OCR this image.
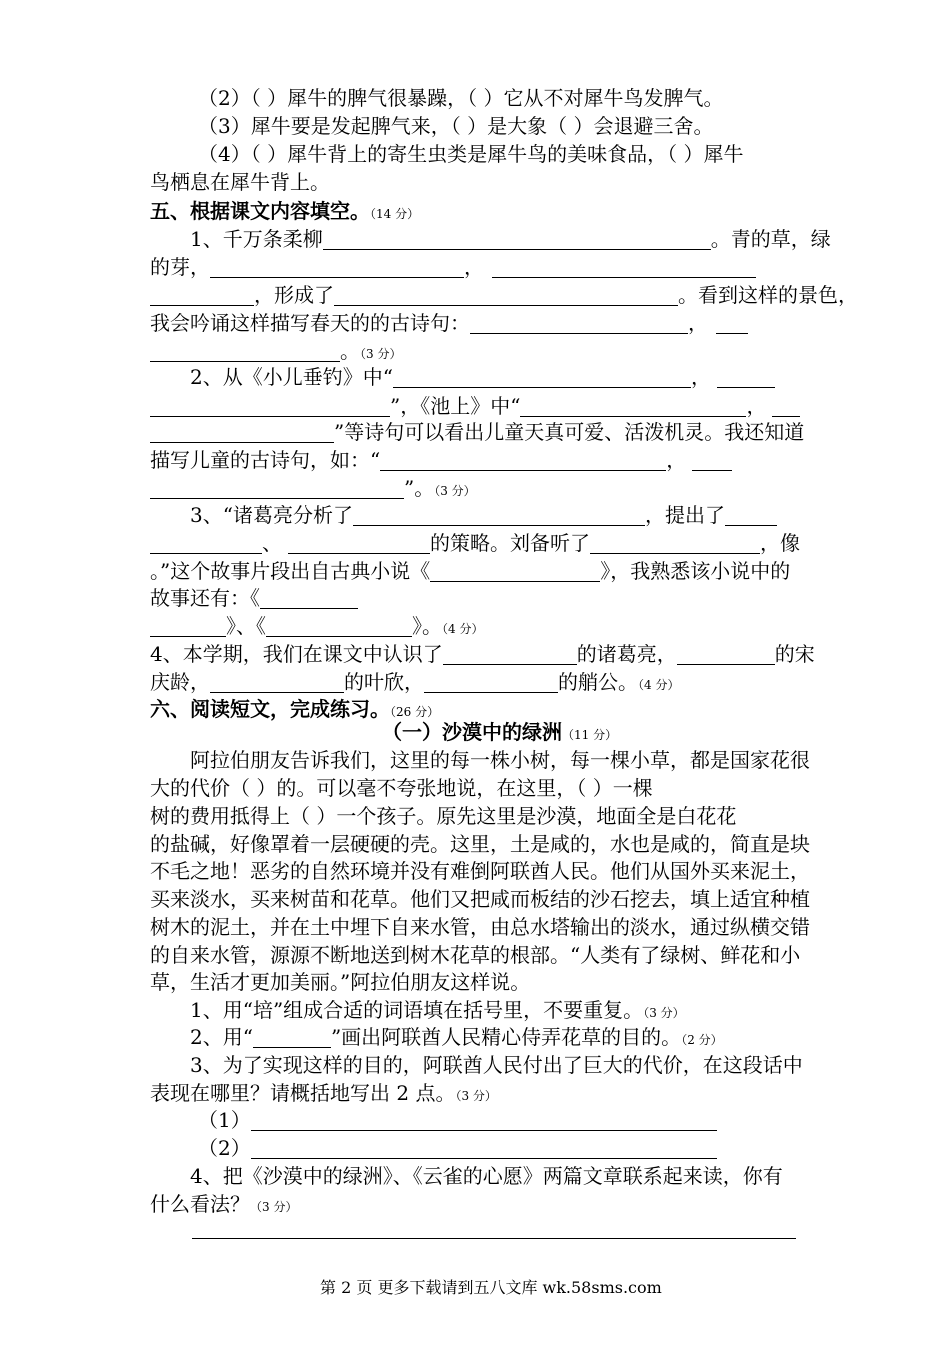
（2）（ ）犀牛的脾气很暴躁，（ ）它从不对犀牛鸟发脾气。
（3）犀牛要是发起脾气来，（ ）是大象（ ）会退避三舍。
（4）（ ）犀牛背上的寄生虫类是犀牛鸟的美味食品，（ ）犀牛
鸟栖息在犀牛背上。
五、根据课文内容填空。（14 分）
1、千万条柔柳	。青的草，绿
的芽，	，
，形成了	。看到这样的景色，
我会吟诵这样描写春天的的古诗句：	，
。（3 分）
2、从《小儿垂钓》中“	，
”，《池上》中“	，
”等诗句可以看出儿童天真可爱、活泼机灵。我还知道
描写儿童的古诗句，如：“	，
”。（3 分）
3、“诸葛亮分析了	，提出了
、	的策略。刘备听了	，像
。”这个故事片段出自古典小说《	》，我熟悉该小说中的
故事还有：《
》、《	》。（4 分）
4、本学期，我们在课文中认识了	的诸葛亮，	的宋
庆龄，	的叶欣，	的艄公。（4 分）
六、阅读短文，完成练习。（26 分）
（一）沙漠中的绿洲（11 分）
阿拉伯朋友告诉我们，这里的每一株小树，每一棵小草，都是国家花很
大的代价（ ）的。可以毫不夸张地说，在这里，（ ）一棵
树的费用抵得上（ ）一个孩子。原先这里是沙漠，地面全是白花花
的盐碱，好像罩着一层硬硬的壳。这里，土是咸的，水也是咸的，简直是块
不毛之地！恶劣的自然环境并没有难倒阿联酋人民。他们从国外买来泥土，
买来淡水，买来树苗和花草。他们又把咸而板结的沙石挖去，填上适宜种植
树木的泥土，并在土中埋下自来水管，由总水塔输出的淡水，通过纵横交错
的自来水管，源源不断地送到树木花草的根部。“人类有了绿树、鲜花和小
草，生活才更加美丽。”阿拉伯朋友这样说。
1、用“培”组成合适的词语填在括号里，不要重复。（3 分）
2、用“	”画出阿联酋人民精心侍弄花草的目的。（2 分）
3、为了实现这样的目的，阿联酋人民付出了巨大的代价，在这段话中
表现在哪里？请概括地写出 2 点。（3 分）
（1）
（2）
4、把《沙漠中的绿洲》、《云雀的心愿》两篇文章联系起来读，你有
什么看法？（3 分）
第 2 页 更多下载请到五八文库 wk.58sms.com
